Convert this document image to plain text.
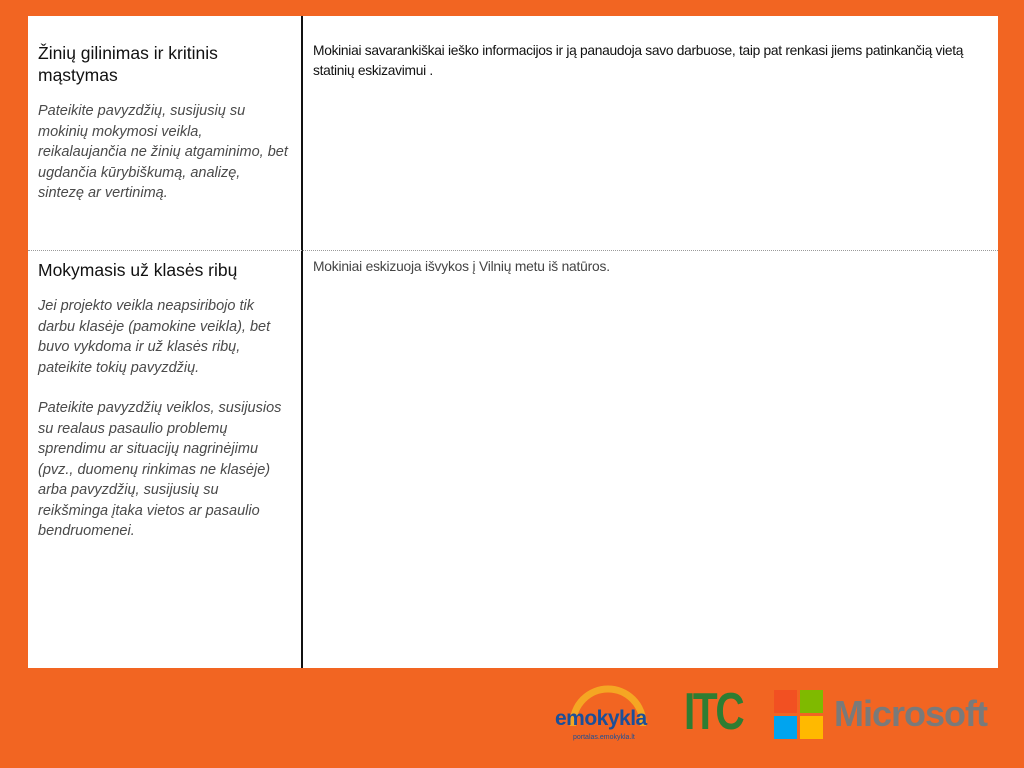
Žinių gilinimas ir kritinis mąstymas

Pateikite pavyzdžių, susijusių su mokinių mokymosi veikla, reikalaujančia ne žinių atgaminimo, bet ugdančia kūrybiškumą, analizę, sintezę ar vertinimą.

Mokiniai savarankiškai ieško informacijos ir ją panaudoja savo darbuose, taip pat renkasi jiems patinkančią vietą statinių eskizavimui .

Mokymasis už klasės ribų

Jei projekto veikla neapsiribojo tik darbu klasėje (pamokine veikla), bet buvo vykdoma ir už klasės ribų, pateikite tokių pavyzdžių.

Pateikite pavyzdžių veiklos, susijusios su realaus pasaulio problemų sprendimu ar situacijų nagrinėjimu (pvz., duomenų rinkimas ne klasėje) arba pavyzdžių, susijusių su reikšminga įtaka vietos ar pasaulio bendruomenei.

Mokiniai eskizuoja išvykos į Vilnių metu iš natūros.

emokykla
portalas.emokykla.lt ITC	Microsoft
